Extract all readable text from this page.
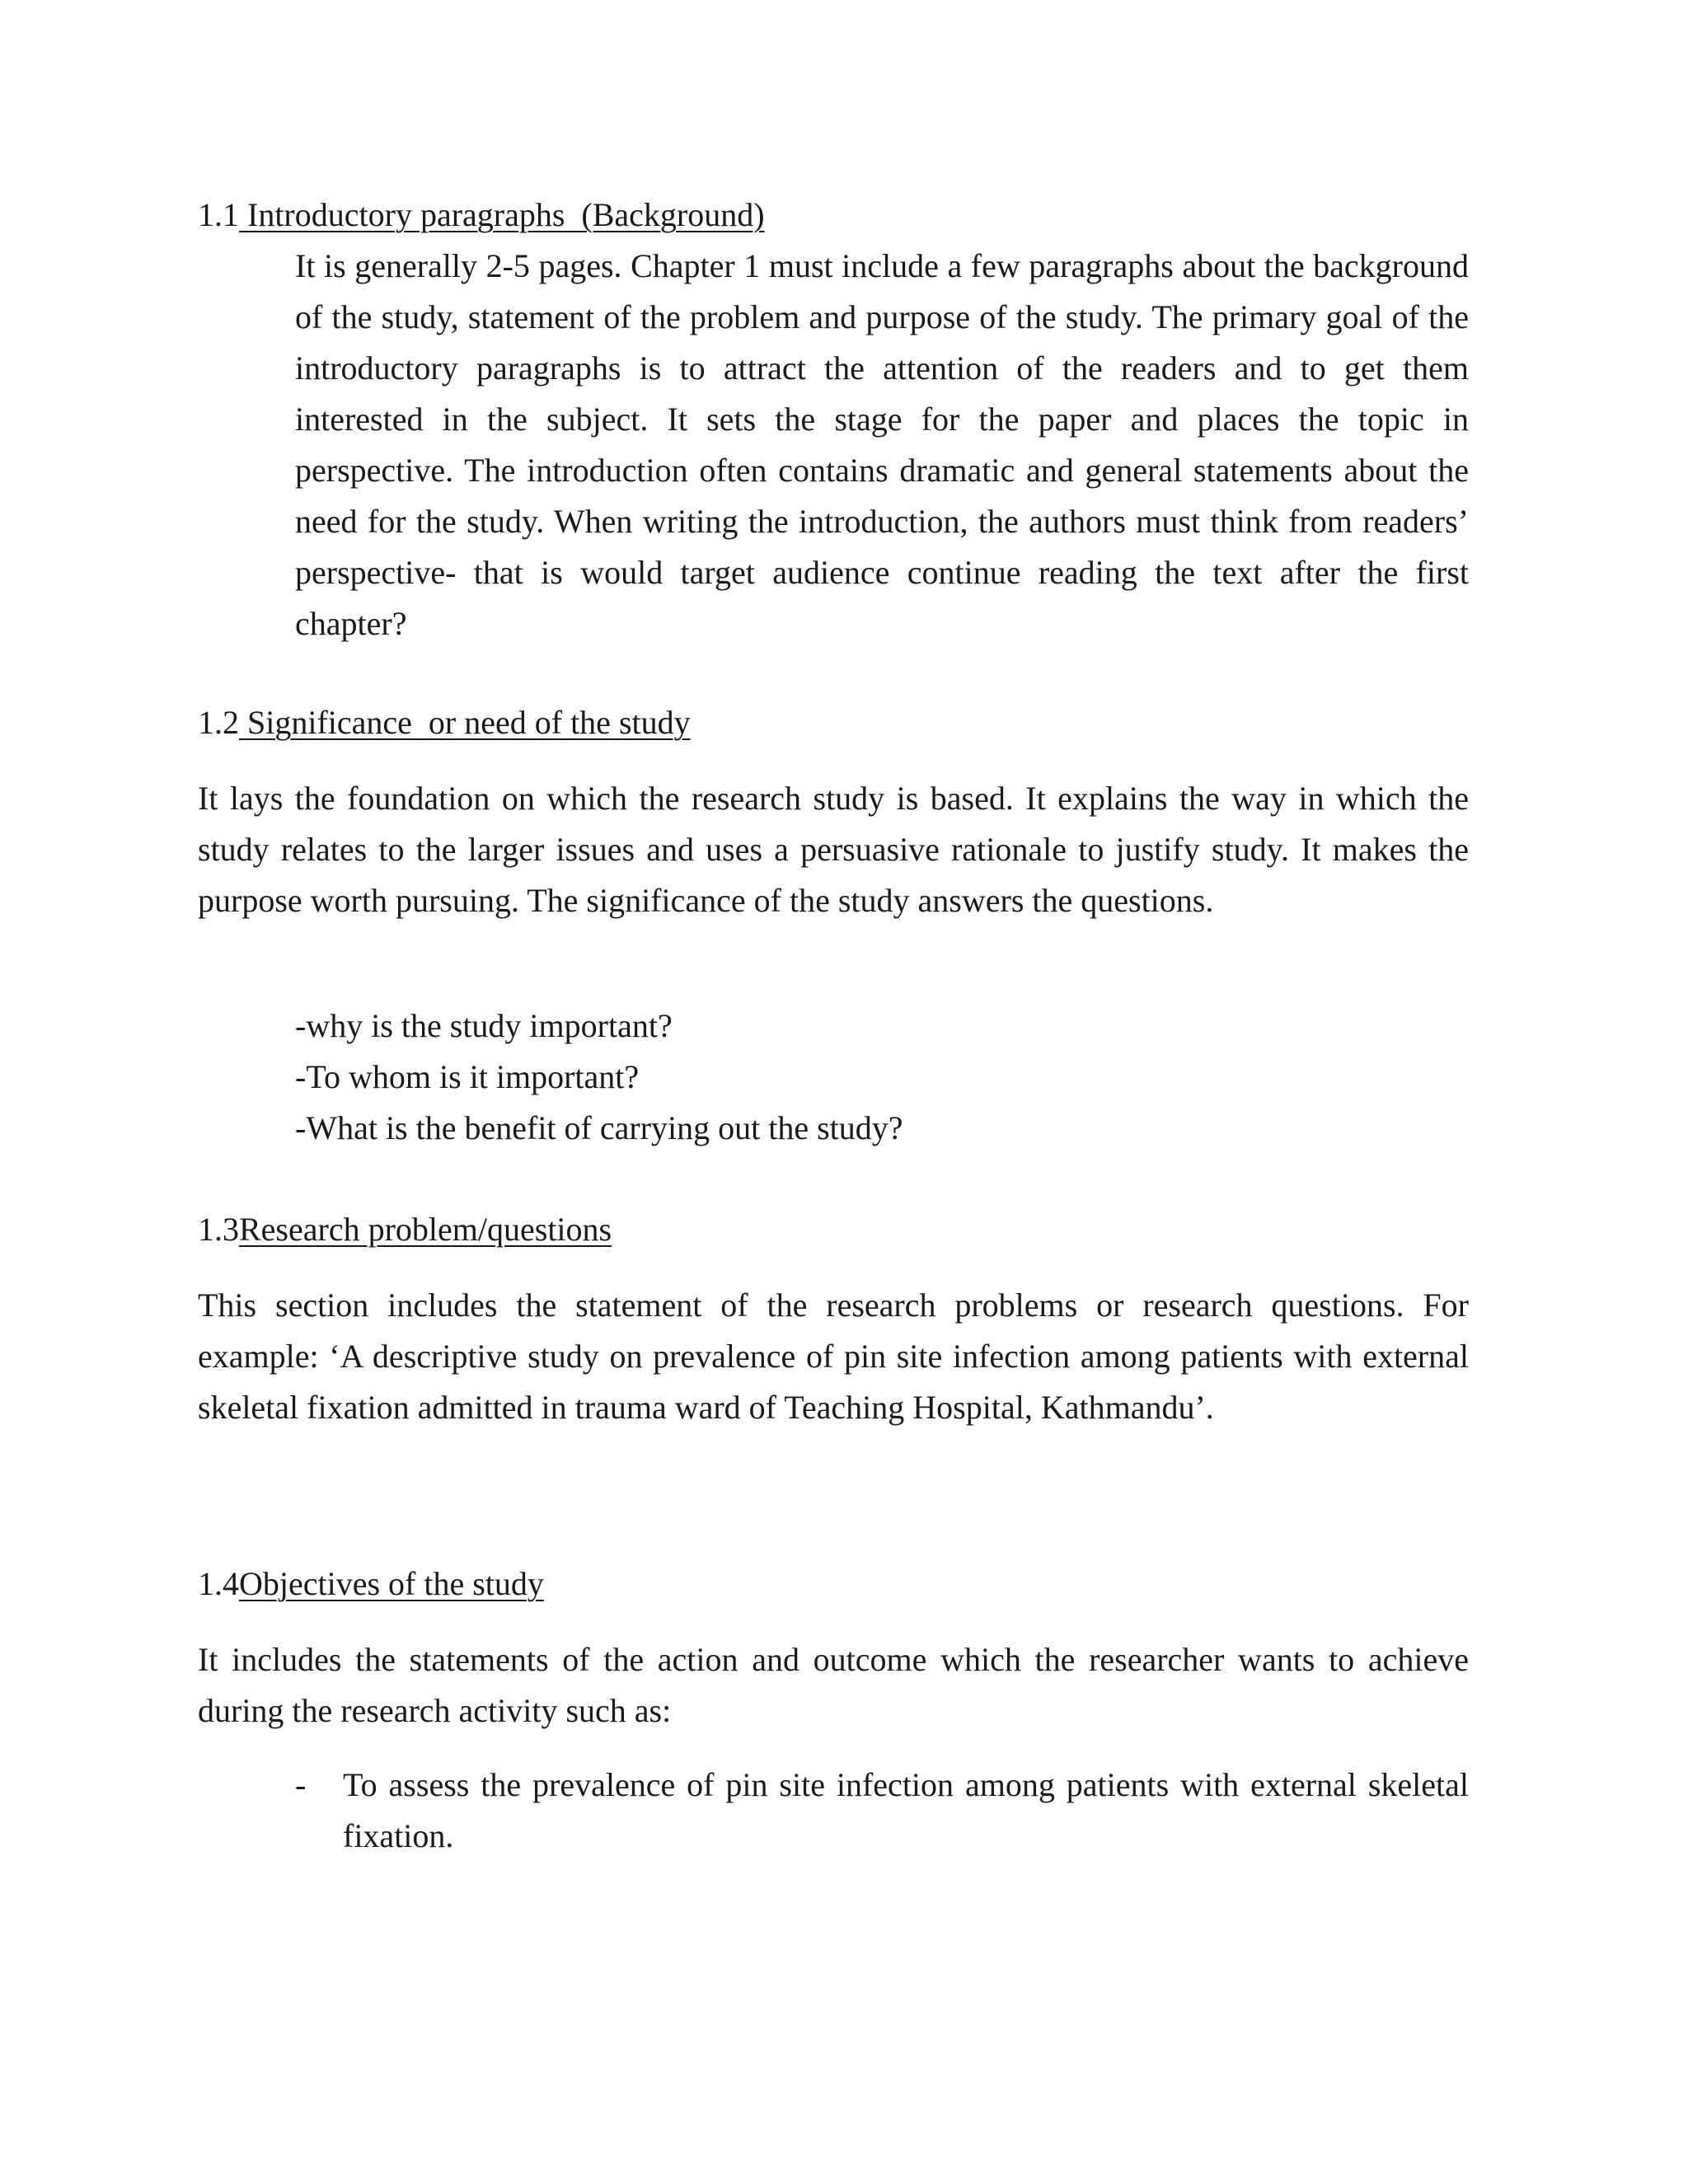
1.1 Introductory paragraphs  (Background)

It is generally 2-5 pages. Chapter 1 must include a few paragraphs about the background of the study, statement of the problem and purpose of the study. The primary goal of the introductory paragraphs is to attract the attention of the readers and to get them interested in the subject. It sets the stage for the paper and places the topic in perspective. The introduction often contains dramatic and general statements about the need for the study. When writing the introduction, the authors must think from readers’ perspective- that is would target audience continue reading the text after the first chapter?

1.2 Significance  or need of the study

It lays the foundation on which the research study is based. It explains the way in which the study relates to the larger issues and uses a persuasive rationale to justify study. It makes the purpose worth pursuing. The significance of the study answers the questions.

-why is the study important?
-To whom is it important?
-What is the benefit of carrying out the study?
1.3Research problem/questions

This section includes the statement of the research problems or research questions. For example: ‘A descriptive study on prevalence of pin site infection among patients with external skeletal fixation admitted in trauma ward of Teaching Hospital, Kathmandu’.

1.4Objectives of the study

It includes the statements of the action and outcome which the researcher wants to achieve during the research activity such as:

-	To assess the prevalence of pin site infection among patients with external skeletal fixation.
